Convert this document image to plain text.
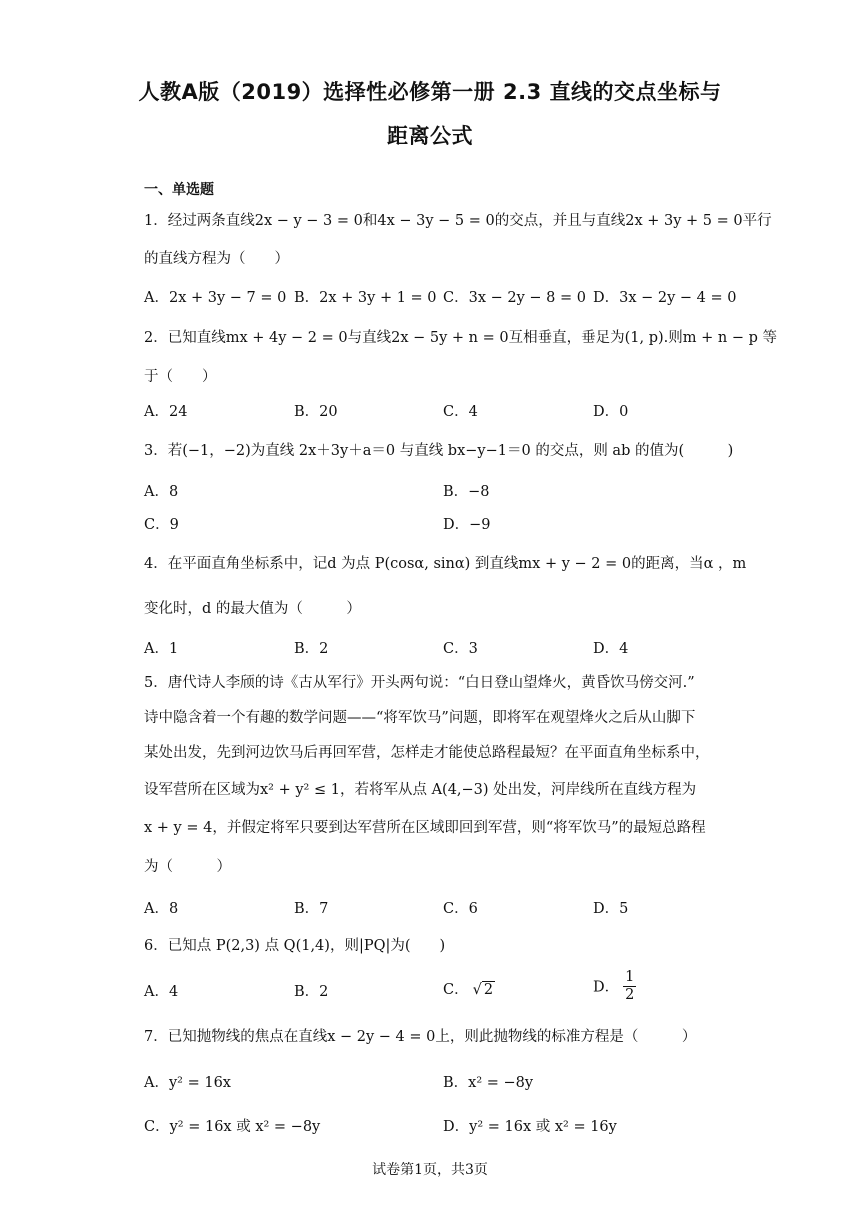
人教A版（2019）选择性必修第一册 2.3 直线的交点坐标与
距离公式
一、单选题
1．经过两条直线2x − y − 3 = 0和4x − 3y − 5 = 0的交点，并且与直线2x + 3y + 5 = 0平行
的直线方程为（　　）
A．2x + 3y − 7 = 0 B．2x + 3y + 1 = 0 C．3x − 2y − 8 = 0 D．3x − 2y − 4 = 0
2．已知直线mx + 4y − 2 = 0与直线2x − 5y + n = 0互相垂直，垂足为(1, p).则m + n − p 等
于（　　）
A．24	B．20	C．4	D．0
3．若(−1，−2)为直线 2x＋3y＋a＝0 与直线 bx−y−1＝0 的交点，则 ab 的值为(　　　)
A．8	B．−8
C．9	D．−9
4．在平面直角坐标系中，记d 为点 P(cosα, sinα) 到直线mx + y − 2 = 0的距离，当α ，m
变化时，d 的最大值为（　　　）
A．1	B．2	C．3	D．4
5．唐代诗人李颀的诗《古从军行》开头两句说：“白日登山望烽火，黄昏饮马傍交河.”
诗中隐含着一个有趣的数学问题——“将军饮马”问题，即将军在观望烽火之后从山脚下
某处出发，先到河边饮马后再回军营，怎样走才能使总路程最短？在平面直角坐标系中，
设军营所在区域为x² + y² ≤ 1，若将军从点 A(4,−3) 处出发，河岸线所在直线方程为
x + y = 4，并假定将军只要到达军营所在区域即回到军营，则“将军饮马”的最短总路程
为（　　　）
A．8	B．7	C．6	D．5
6．已知点 P(2,3) 点 Q(1,4)，则|PQ|为(　　)
A．4	B．2	C． √ 2	D． $\frac{1}{2}$
7．已知抛物线的焦点在直线x − 2y − 4 = 0上，则此抛物线的标准方程是（　　　）
A．y² = 16x	B．x² = −8y
C．y² = 16x 或 x² = −8y	D．y² = 16x 或 x² = 16y
试卷第1页，共3页
